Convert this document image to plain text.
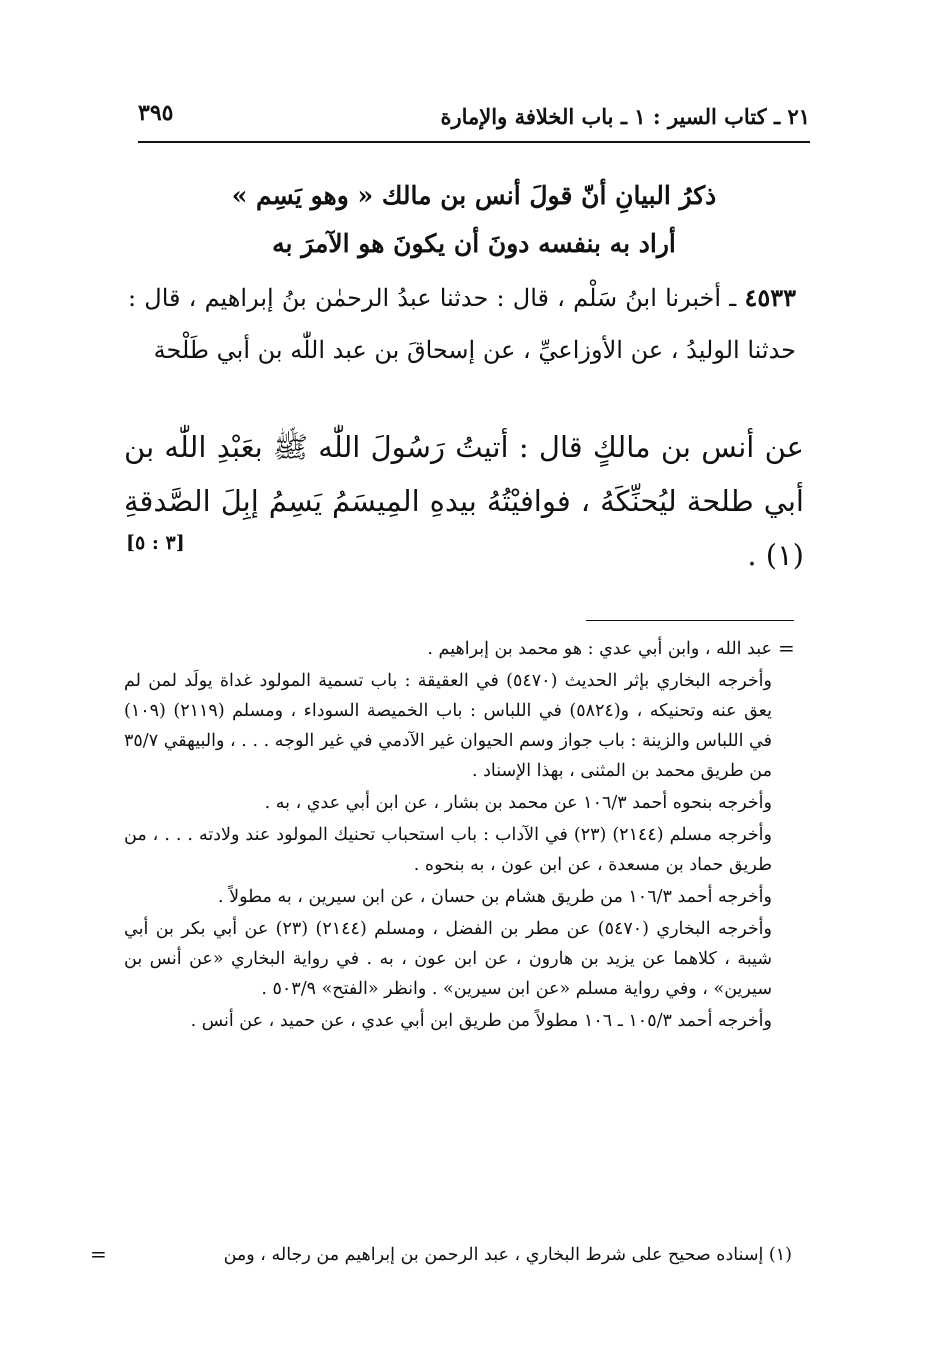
٢١ ـ كتاب السير : ١ ـ باب الخلافة والإمارة
٣٩٥
ذكرُ البيانِ أنّ قولَ أنس بن مالك « وهو يَسِم »
أراد به بنفسه دونَ أن يكونَ هو الآمرَ به
٤٥٣٣ ـ أخبرنا ابنُ سَلْم ، قال : حدثنا عبدُ الرحمٰن بنُ إبراهيم ، قال : حدثنا الوليدُ ، عن الأوزاعيِّ ، عن إسحاقَ بن عبد اللّٰه بن أبي طَلْحة
عن أنس بن مالكٍ قال : أتيتُ رَسُولَ اللّٰه ﷺ بعَبْدِ اللّٰه بن أبي طلحة ليُحنِّكَهُ ، فوافيْتُهُ بيدهِ المِيسَمُ يَسِمُ إبِلَ الصَّدقةِ (١) .
[٣ : ٥]
=

عبد الله ، وابن أبي عدي : هو محمد بن إبراهيم .

وأخرجه البخاري بإثر الحديث (٥٤٧٠) في العقيقة : باب تسمية المولود غداة يولَد لمن لم يعق عنه وتحنيكه ، و(٥٨٢٤) في اللباس : باب الخميصة السوداء ، ومسلم (٢١١٩) (١٠٩) في اللباس والزينة : باب جواز وسم الحيوان غير الآدمي في غير الوجه . . . ، والبيهقي ٣٥/٧ من طريق محمد بن المثنى ، بهذا الإسناد .

وأخرجه بنحوه أحمد ١٠٦/٣ عن محمد بن بشار ، عن ابن أبي عدي ، به .

وأخرجه مسلم (٢١٤٤) (٢٣) في الآداب : باب استحباب تحنيك المولود عند ولادته . . . ، من طريق حماد بن مسعدة ، عن ابن عون ، به بنحوه .

وأخرجه أحمد ١٠٦/٣ من طريق هشام بن حسان ، عن ابن سيرين ، به مطولاً .

وأخرجه البخاري (٥٤٧٠) عن مطر بن الفضل ، ومسلم (٢١٤٤) (٢٣) عن أبي بكر بن أبي شيبة ، كلاهما عن يزيد بن هارون ، عن ابن عون ، به . في رواية البخاري «عن أنس بن سيرين» ، وفي رواية مسلم «عن ابن سيرين» . وانظر «الفتح» ٥٠٣/٩ .

وأخرجه أحمد ١٠٥/٣ ـ ١٠٦ مطولاً من طريق ابن أبي عدي ، عن حميد ، عن أنس .

(١) إسناده صحيح على شرط البخاري ، عبد الرحمن بن إبراهيم من رجاله ، ومن
=
